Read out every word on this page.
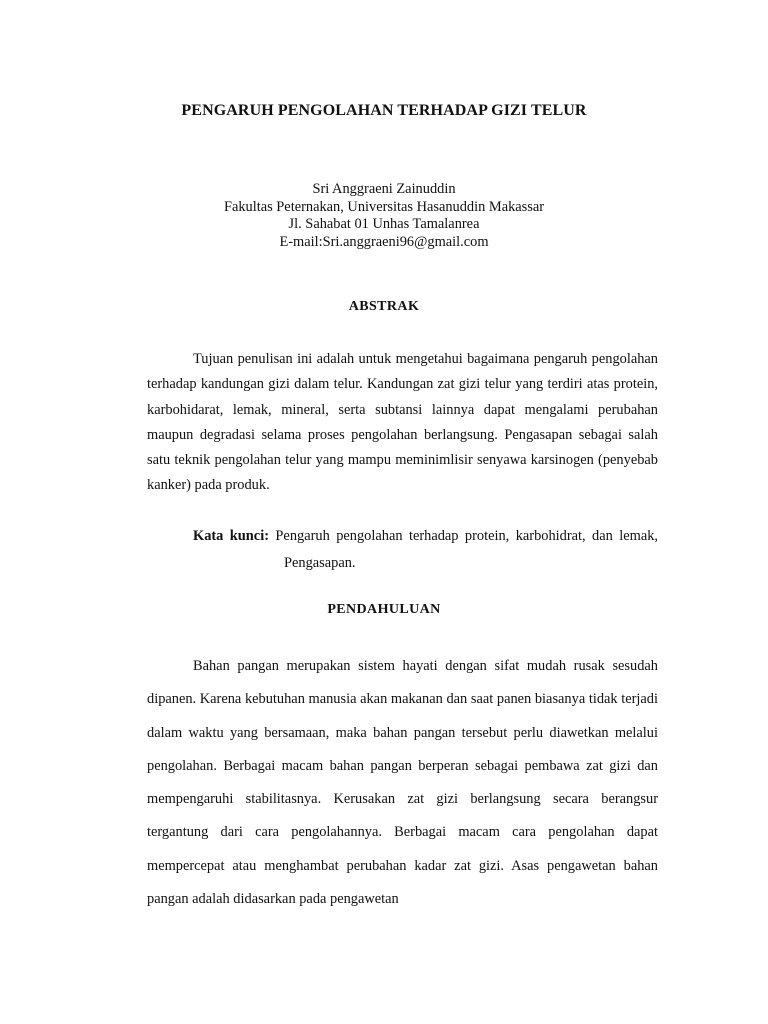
PENGARUH PENGOLAHAN TERHADAP GIZI TELUR
Sri Anggraeni Zainuddin
Fakultas Peternakan, Universitas Hasanuddin Makassar
Jl. Sahabat 01 Unhas Tamalanrea
E-mail:Sri.anggraeni96@gmail.com
ABSTRAK

Tujuan penulisan ini adalah untuk mengetahui bagaimana pengaruh pengolahan terhadap kandungan gizi dalam telur. Kandungan zat gizi telur yang terdiri atas protein, karbohidarat, lemak, mineral, serta subtansi lainnya dapat mengalami perubahan maupun degradasi selama proses pengolahan berlangsung. Pengasapan sebagai salah satu teknik pengolahan telur yang mampu meminimlisir senyawa karsinogen (penyebab kanker) pada produk.

Kata kunci: Pengaruh pengolahan terhadap protein, karbohidrat, dan lemak, Pengasapan.
PENDAHULUAN

Bahan pangan merupakan sistem hayati dengan sifat mudah rusak sesudah dipanen. Karena kebutuhan manusia akan makanan dan saat panen biasanya tidak terjadi dalam waktu yang bersamaan, maka bahan pangan tersebut perlu diawetkan melalui pengolahan. Berbagai macam bahan pangan berperan sebagai pembawa zat gizi dan mempengaruhi stabilitasnya. Kerusakan zat gizi berlangsung secara berangsur tergantung dari cara pengolahannya. Berbagai macam cara pengolahan dapat mempercepat atau menghambat perubahan kadar zat gizi. Asas pengawetan bahan pangan adalah didasarkan pada pengawetan
